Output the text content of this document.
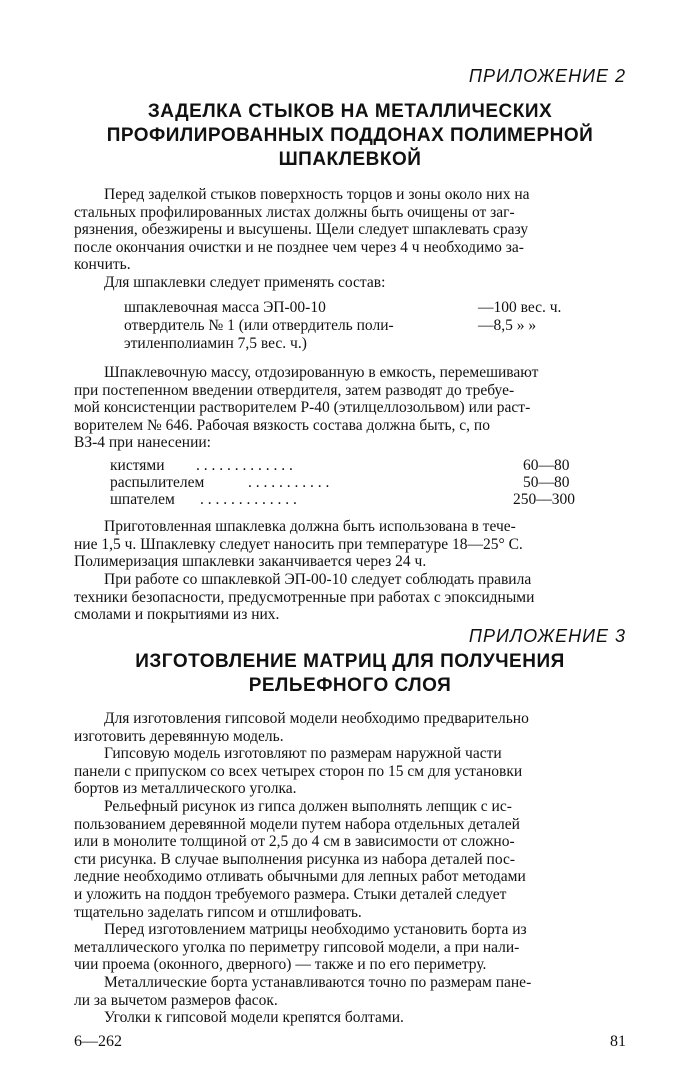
ПРИЛОЖЕНИЕ 2
ЗАДЕЛКА СТЫКОВ НА МЕТАЛЛИЧЕСКИХ
ПРОФИЛИРОВАННЫХ ПОДДОНАХ ПОЛИМЕРНОЙ
ШПАКЛЕВКОЙ
Перед заделкой стыков поверхность торцов и зоны около них на
стальных профилированных листах должны быть очищены от заг-
рязнения, обезжирены и высушены. Щели следует шпаклевать сразу
после окончания очистки и не позднее чем через 4 ч необходимо за-
кончить.
Для шпаклевки следует применять состав:
шпаклевочная масса ЭП-00-10	—100 вес. ч.
отвердитель № 1 (или отвердитель поли-	—8,5 » »
этиленполиамин 7,5 вес. ч.)
Шпаклевочную массу, отдозированную в емкость, перемешивают
при постепенном введении отвердителя, затем разводят до требуе-
мой консистенции растворителем Р-40 (этилцеллозольвом) или раст-
ворителем № 646. Рабочая вязкость состава должна быть, с, по
ВЗ-4 при нанесении:
кистями . . . . . . . . . . . . .	60—80
распылителем	. . . . . . . . . . .	50—80
шпателем . . . . . . . . . . . . .	250—300
Приготовленная шпаклевка должна быть использована в тече-
ние 1,5 ч. Шпаклевку следует наносить при температуре 18—25° С.
Полимеризация шпаклевки заканчивается через 24 ч.
При работе со шпаклевкой ЭП-00-10 следует соблюдать правила
техники безопасности, предусмотренные при работах с эпоксидными
смолами и покрытиями из них.
ПРИЛОЖЕНИЕ 3
ИЗГОТОВЛЕНИЕ МАТРИЦ ДЛЯ ПОЛУЧЕНИЯ
РЕЛЬЕФНОГО СЛОЯ
Для изготовления гипсовой модели необходимо предварительно
изготовить деревянную модель.
Гипсовую модель изготовляют по размерам наружной части
панели с припуском со всех четырех сторон по 15 см для установки
бортов из металлического уголка.
Рельефный рисунок из гипса должен выполнять лепщик с ис-
пользованием деревянной модели путем набора отдельных деталей
или в монолите толщиной от 2,5 до 4 см в зависимости от сложно-
сти рисунка. В случае выполнения рисунка из набора деталей пос-
ледние необходимо отливать обычными для лепных работ методами
и уложить на поддон требуемого размера. Стыки деталей следует
тщательно заделать гипсом и отшлифовать.
Перед изготовлением матрицы необходимо установить борта из
металлического уголка по периметру гипсовой модели, а при нали-
чии проема (оконного, дверного) — также и по его периметру.
Металлические борта устанавливаются точно по размерам пане-
ли за вычетом размеров фасок.
Уголки к гипсовой модели крепятся болтами.
6—262	81
